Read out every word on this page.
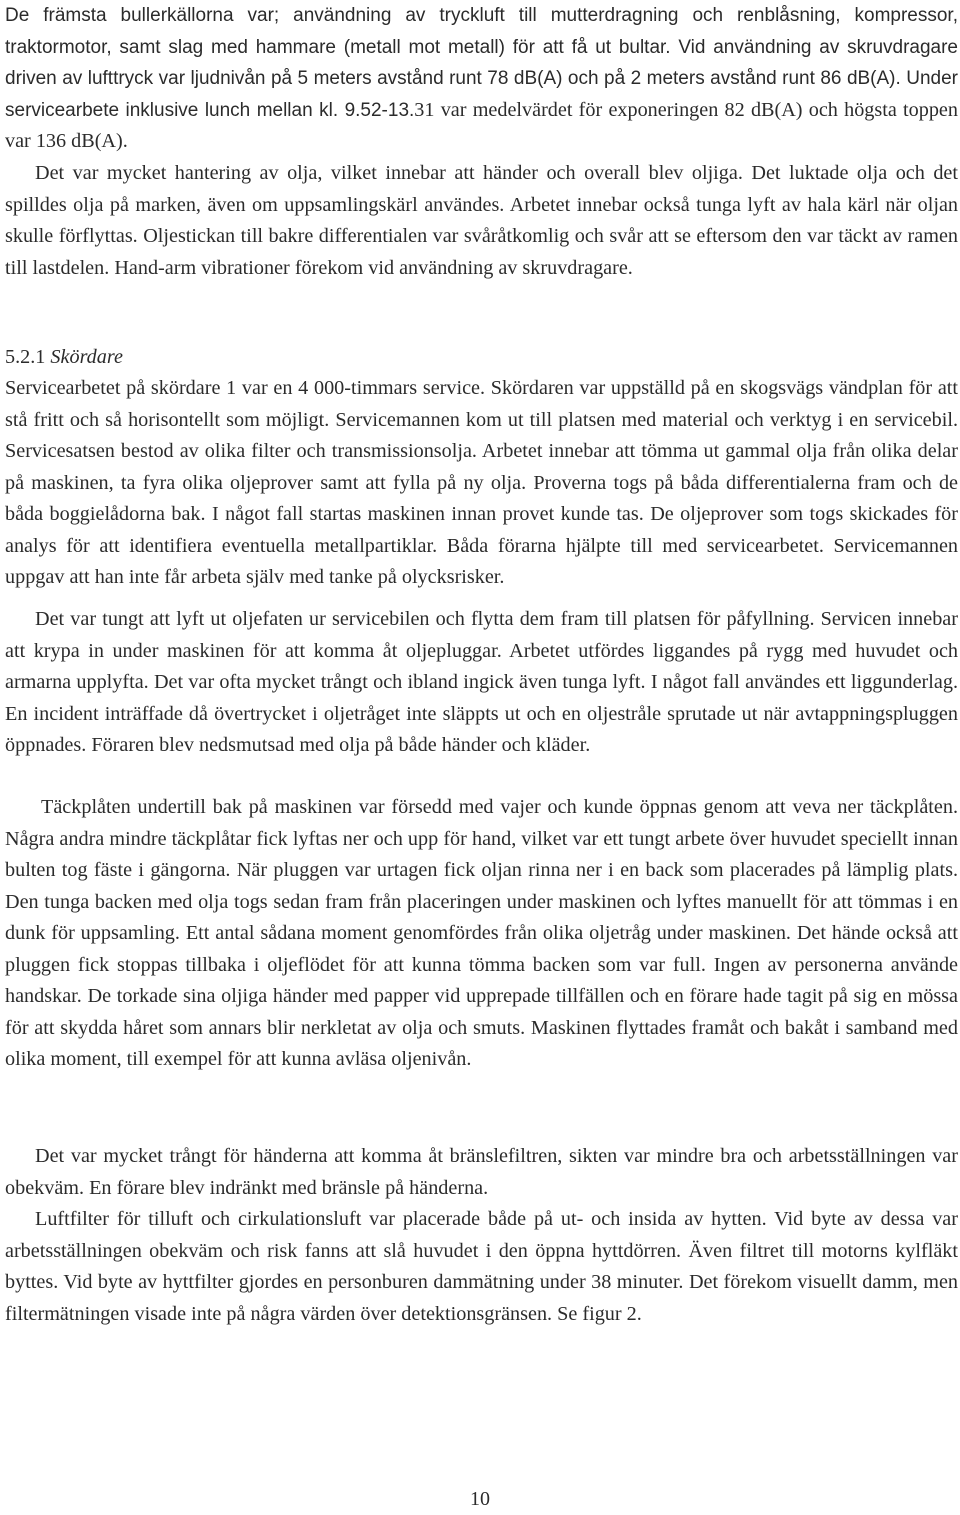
De främsta bullerkällorna var; användning av tryckluft till mutterdragning och renblåsning, kompressor, traktormotor, samt slag med hammare (metall mot metall) för att få ut bultar. Vid användning av skruvdragare driven av lufttryck var ljudnivån på 5 meters avstånd runt 78 dB(A) och på 2 meters avstånd runt 86 dB(A). Under servicearbete inklusive lunch mellan kl. 9.52-13.31 var medelvärdet för exponeringen 82 dB(A) och högsta toppen var 136 dB(A).

Det var mycket hantering av olja, vilket innebar att händer och overall blev oljiga. Det luktade olja och det spilldes olja på marken, även om uppsamlingskärl användes. Arbetet innebar också tunga lyft av hala kärl när oljan skulle förflyttas. Oljestickan till bakre differentialen var svåråtkomlig och svår att se eftersom den var täckt av ramen till lastdelen. Hand-arm vibrationer förekom vid användning av skruvdragare.

5.2.1 Skördare

Servicearbetet på skördare 1 var en 4 000-timmars service. Skördaren var uppställd på en skogsvägs vändplan för att stå fritt och så horisontellt som möjligt. Servicemannen kom ut till platsen med material och verktyg i en servicebil. Servicesatsen bestod av olika filter och transmissionsolja. Arbetet innebar att tömma ut gammal olja från olika delar på maskinen, ta fyra olika oljeprover samt att fylla på ny olja. Proverna togs på båda differentialerna fram och de båda boggielådorna bak. I något fall startas maskinen innan provet kunde tas. De oljeprover som togs skickades för analys för att identifiera eventuella metallpartiklar. Båda förarna hjälpte till med servicearbetet. Servicemannen uppgav att han inte får arbeta själv med tanke på olycksrisker.

Det var tungt att lyft ut oljefaten ur servicebilen och flytta dem fram till platsen för påfyllning. Servicen innebar att krypa in under maskinen för att komma åt oljepluggar. Arbetet utfördes liggandes på rygg med huvudet och armarna upplyfta. Det var ofta mycket trångt och ibland ingick även tunga lyft. I något fall användes ett liggunderlag. En incident inträffade då övertrycket i oljetråget inte släppts ut och en oljestråle sprutade ut när avtappningspluggen öppnades. Föraren blev nedsmutsad med olja på både händer och kläder.

Täckplåten undertill bak på maskinen var försedd med vajer och kunde öppnas genom att veva ner täckplåten. Några andra mindre täckplåtar fick lyftas ner och upp för hand, vilket var ett tungt arbete över huvudet speciellt innan bulten tog fäste i gängorna. När pluggen var urtagen fick oljan rinna ner i en back som placerades på lämplig plats. Den tunga backen med olja togs sedan fram från placeringen under maskinen och lyftes manuellt för att tömmas i en dunk för uppsamling. Ett antal sådana moment genomfördes från olika oljetråg under maskinen. Det hände också att pluggen fick stoppas tillbaka i oljeflödet för att kunna tömma backen som var full. Ingen av personerna använde handskar. De torkade sina oljiga händer med papper vid upprepade tillfällen och en förare hade tagit på sig en mössa för att skydda håret som annars blir nerkletat av olja och smuts. Maskinen flyttades framåt och bakåt i samband med olika moment, till exempel för att kunna avläsa oljenivån.

Det var mycket trångt för händerna att komma åt bränslefiltren, sikten var mindre bra och arbetsställningen var obekväm. En förare blev indränkt med bränsle på händerna.

Luftfilter för tilluft och cirkulationsluft var placerade både på ut- och insida av hytten. Vid byte av dessa var arbetsställningen obekväm och risk fanns att slå huvudet i den öppna hyttdörren. Även filtret till motorns kylfläkt byttes. Vid byte av hyttfilter gjordes en personburen dammätning under 38 minuter. Det förekom visuellt damm, men filtermätningen visade inte på några värden över detektionsgränsen. Se figur 2.

10
